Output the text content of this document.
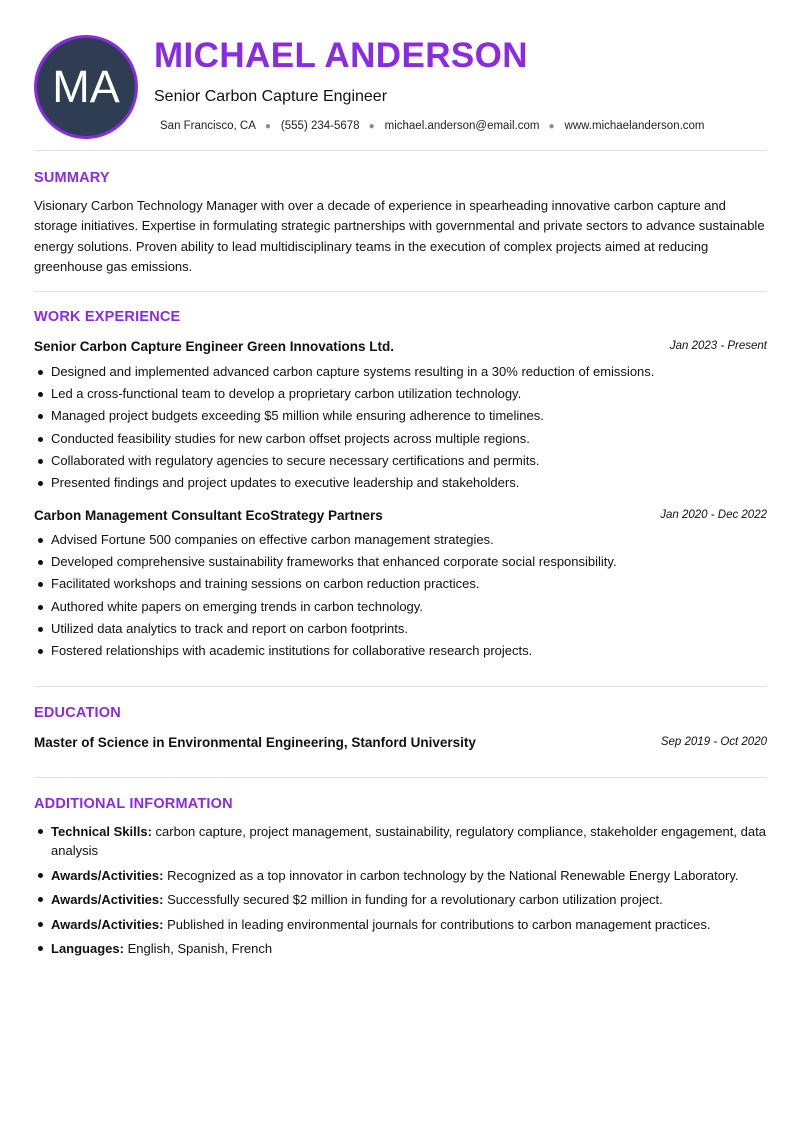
MA
MICHAEL ANDERSON

Senior Carbon Capture Engineer

San Francisco, CA ● (555) 234-5678 ● michael.anderson@email.com ● www.michaelanderson.com
SUMMARY

Visionary Carbon Technology Manager with over a decade of experience in spearheading innovative carbon capture and storage initiatives. Expertise in formulating strategic partnerships with governmental and private sectors to advance sustainable energy solutions. Proven ability to lead multidisciplinary teams in the execution of complex projects aimed at reducing greenhouse gas emissions.

WORK EXPERIENCE
Senior Carbon Capture Engineer Green Innovations Ltd.	Jan 2023 - Present
Designed and implemented advanced carbon capture systems resulting in a 30% reduction of emissions.
Led a cross-functional team to develop a proprietary carbon utilization technology.
Managed project budgets exceeding $5 million while ensuring adherence to timelines.
Conducted feasibility studies for new carbon offset projects across multiple regions.
Collaborated with regulatory agencies to secure necessary certifications and permits.
Presented findings and project updates to executive leadership and stakeholders.
Carbon Management Consultant EcoStrategy Partners	Jan 2020 - Dec 2022
Advised Fortune 500 companies on effective carbon management strategies.
Developed comprehensive sustainability frameworks that enhanced corporate social responsibility.
Facilitated workshops and training sessions on carbon reduction practices.
Authored white papers on emerging trends in carbon technology.
Utilized data analytics to track and report on carbon footprints.
Fostered relationships with academic institutions for collaborative research projects.
EDUCATION
Master of Science in Environmental Engineering, Stanford University	Sep 2019 - Oct 2020
ADDITIONAL INFORMATION
Technical Skills: carbon capture, project management, sustainability, regulatory compliance, stakeholder engagement, data analysis
Awards/Activities: Recognized as a top innovator in carbon technology by the National Renewable Energy Laboratory.
Awards/Activities: Successfully secured $2 million in funding for a revolutionary carbon utilization project.
Awards/Activities: Published in leading environmental journals for contributions to carbon management practices.
Languages: English, Spanish, French
